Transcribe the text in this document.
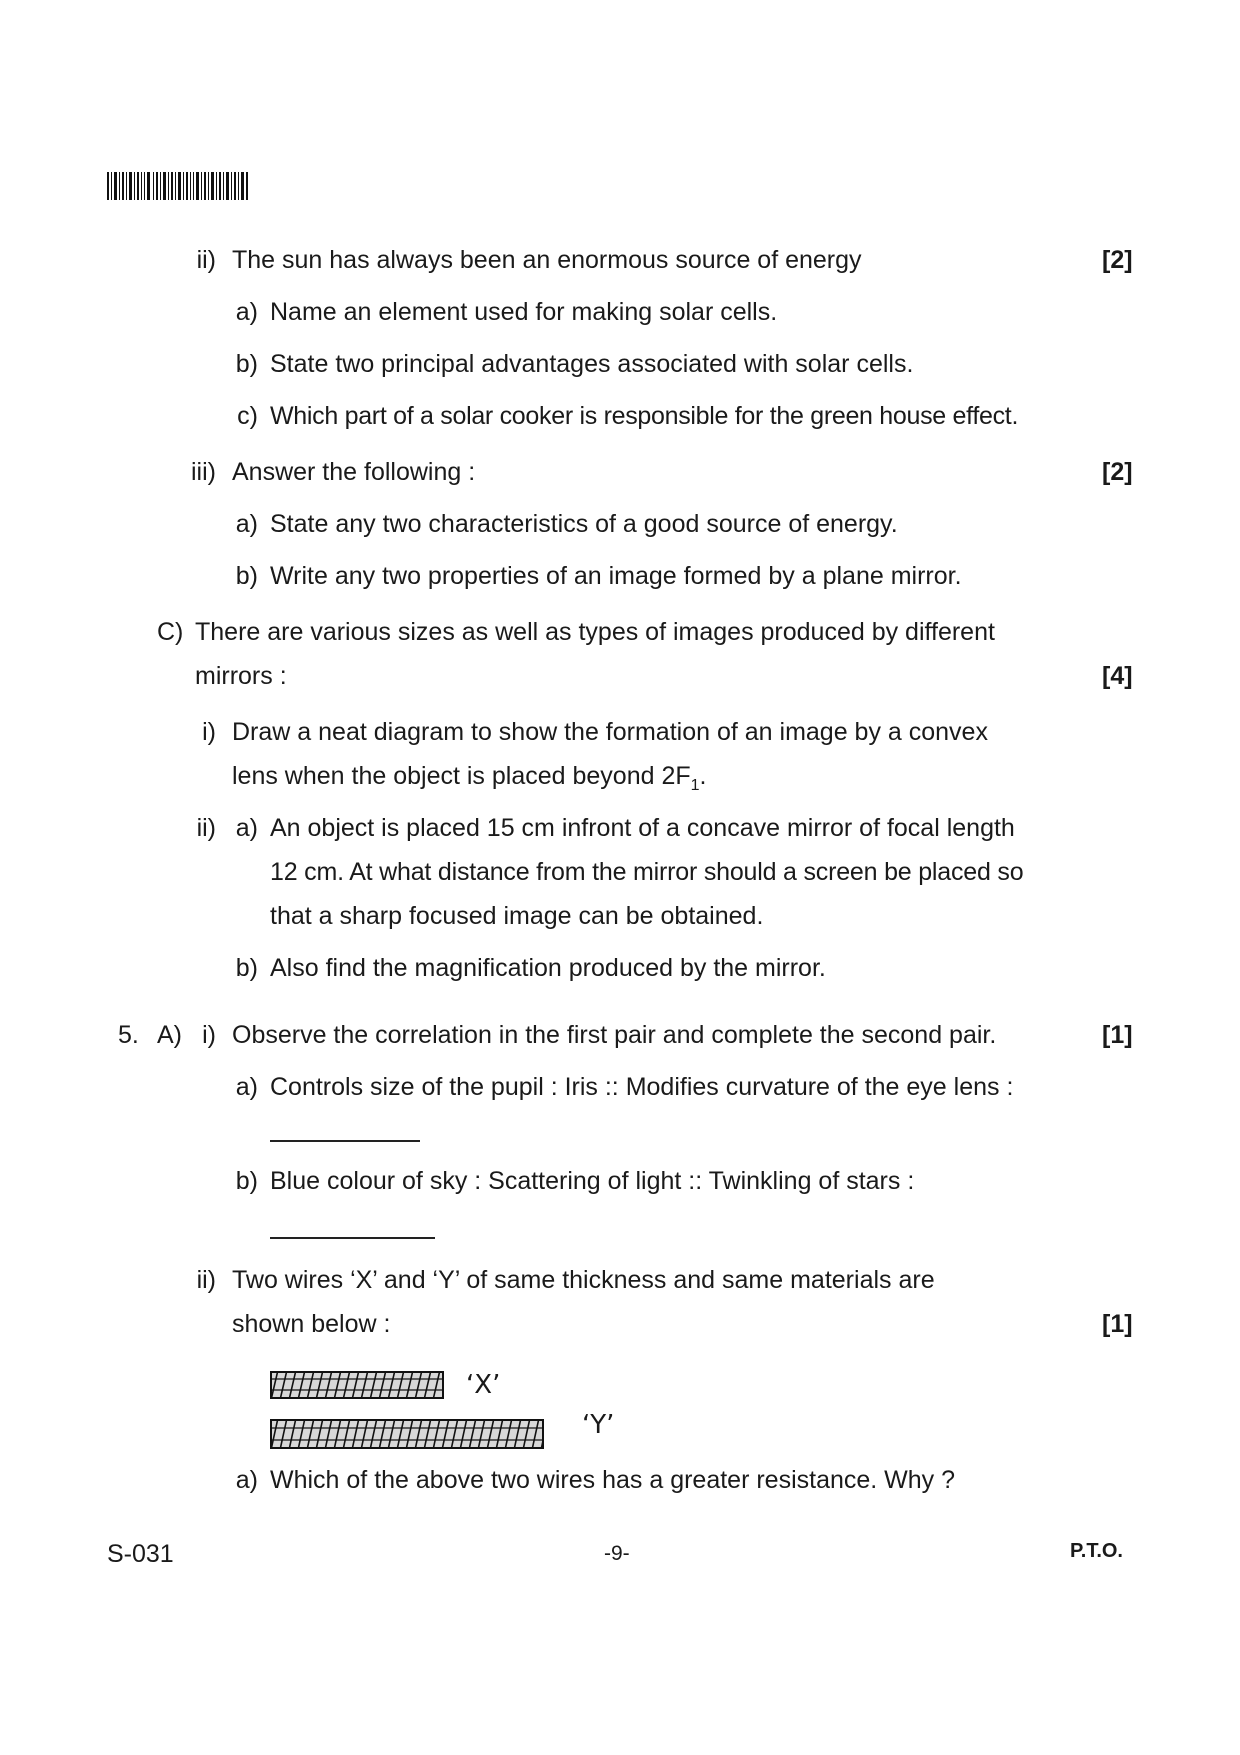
ii) The sun has always been an enormous source of energy	[2]
a) Name an element used for making solar cells.
b) State two principal advantages associated with solar cells.
c) Which part of a solar cooker is responsible for the green house effect.
iii) Answer the following :	[2]
a) State any two characteristics of a good source of energy.
b) Write any two properties of an image formed by a plane mirror.
C) There are various sizes as well as types of images produced by different
mirrors :	[4]
i) Draw a neat diagram to show the formation of an image by a convex
lens when the object is placed beyond $2F_1$.
ii) a) An object is placed 15 cm infront of a concave mirror of focal length
12 cm. At what distance from the mirror should a screen be placed so
that a sharp focused image can be obtained.
b) Also find the magnification produced by the mirror.
5. A) i) Observe the correlation in the first pair and complete the second pair.	[1]
a) Controls size of the pupil : Iris :: Modifies curvature of the eye lens :
b) Blue colour of sky : Scattering of light :: Twinkling of stars :
ii) Two wires ‘X’ and ‘Y’ of same thickness and same materials are
shown below :	[1]
‘X’
‘Y’
a) Which of the above two wires has a greater resistance. Why ?
S-031	-9-	P.T.O.
